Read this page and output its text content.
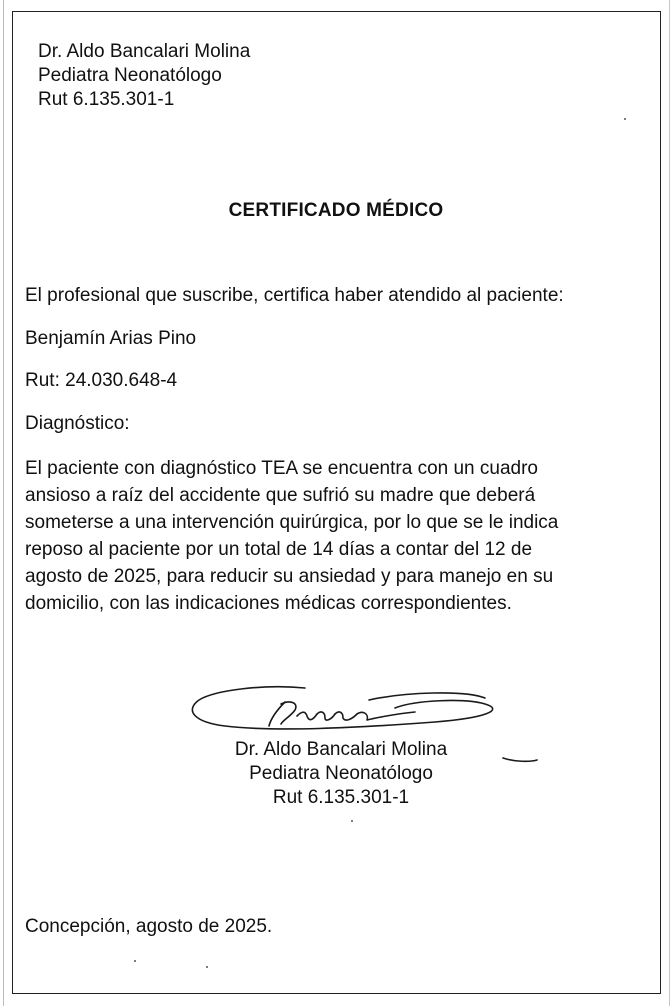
Dr. Aldo Bancalari Molina
Pediatra Neonatólogo
Rut 6.135.301-1
CERTIFICADO MÉDICO
El profesional que suscribe, certifica haber atendido al paciente:
Benjamín Arias Pino
Rut: 24.030.648-4
Diagnóstico:
El paciente con diagnóstico TEA se encuentra con un cuadro
ansioso a raíz del accidente que sufrió su madre que deberá
someterse a una intervención quirúrgica, por lo que se le indica
reposo al paciente por un total de 14 días a contar del 12 de
agosto de 2025, para reducir su ansiedad y para manejo en su
domicilio, con las indicaciones médicas correspondientes.
Dr. Aldo Bancalari Molina
Pediatra Neonatólogo
Rut 6.135.301-1
Concepción, agosto de 2025.
